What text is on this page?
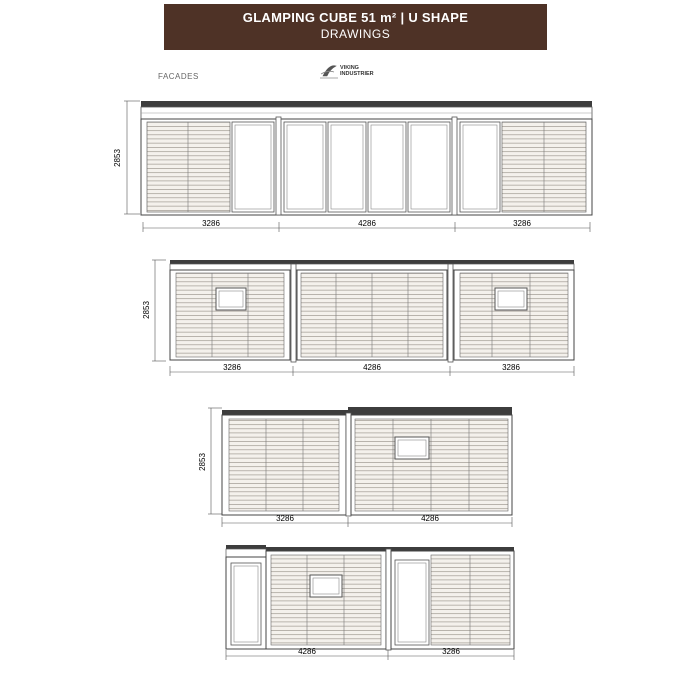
GLAMPING CUBE 51 m² | U SHAPE
DRAWINGS
FACADES
VIKING
INDUSTRIER
2853
3286	4286	3286
2853
3286	4286	3286
2853
3286	4286
4286	3286
